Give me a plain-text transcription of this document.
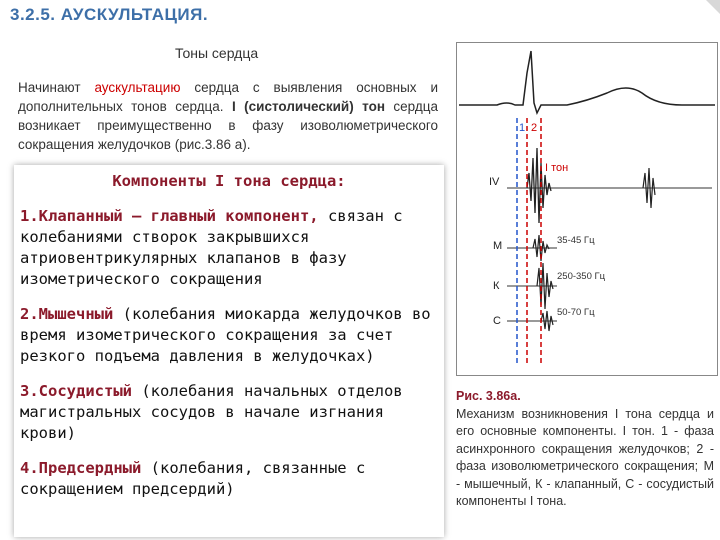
3.2.5. АУСКУЛЬТАЦИЯ.
Тоны сердца
Начинают аускультацию сердца с выявления основных и дополнительных тонов сердца. I (систолический) тон сердца возникает преимущественно в фазу изоволюметрического сокращения желудочков (рис.3.86 а).
Компоненты I тона сердца:
1.Клапанный – главный компонент, связан с колебаниями створок закрывшихся атриовентрикулярных клапанов в фазу изометрического сокращения
2.Мышечный (колебания миокарда желудочков во время изометрического сокращения за счет резкого подъема давления в желудочках)
3.Сосудистый (колебания начальных отделов магистральных сосудов в начале изгнания крови)
4.Предсердный (колебания, связанные с сокращением предсердий)
1 2
I тон
IV
М
К
С
35-45 Гц
250-350 Гц
50-70 Гц
Рис. 3.86а.
Механизм возникновения I тона сердца и его основные компоненты. I тон. 1 - фаза асинхронного сокращения желудочков; 2 - фаза изоволюметрического сокращения; М - мышечный, К - клапанный, С - сосудистый компоненты I тона.
